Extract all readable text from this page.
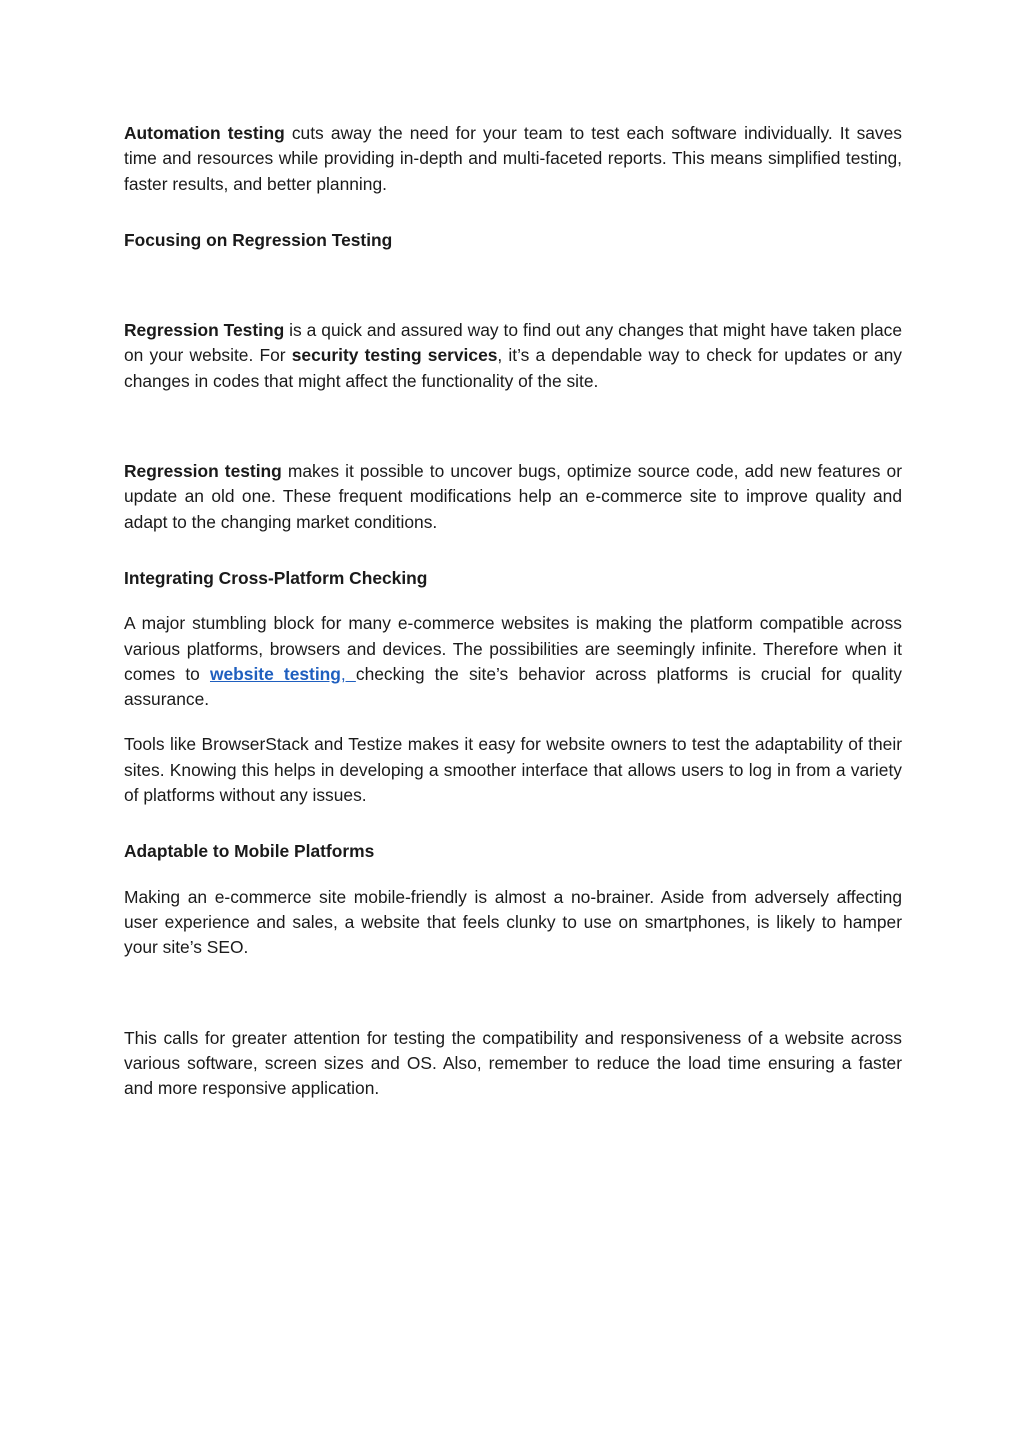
Automation testing cuts away the need for your team to test each software individually. It saves time and resources while providing in-depth and multi-faceted reports. This means simplified testing, faster results, and better planning.

Focusing on Regression Testing

Regression Testing is a quick and assured way to find out any changes that might have taken place on your website. For security testing services, it’s a dependable way to check for updates or any changes in codes that might affect the functionality of the site.

Regression testing makes it possible to uncover bugs, optimize source code, add new features or update an old one. These frequent modifications help an e-commerce site to improve quality and adapt to the changing market conditions.

Integrating Cross-Platform Checking

A major stumbling block for many e-commerce websites is making the platform compatible across various platforms, browsers and devices. The possibilities are seemingly infinite. Therefore when it comes to website testing, checking the site’s behavior across platforms is crucial for quality assurance.

Tools like BrowserStack and Testize makes it easy for website owners to test the adaptability of their sites. Knowing this helps in developing a smoother interface that allows users to log in from a variety of platforms without any issues.

Adaptable to Mobile Platforms

Making an e-commerce site mobile-friendly is almost a no-brainer. Aside from adversely affecting user experience and sales, a website that feels clunky to use on smartphones, is likely to hamper your site’s SEO.

This calls for greater attention for testing the compatibility and responsiveness of a website across various software, screen sizes and OS. Also, remember to reduce the load time ensuring a faster and more responsive application.
